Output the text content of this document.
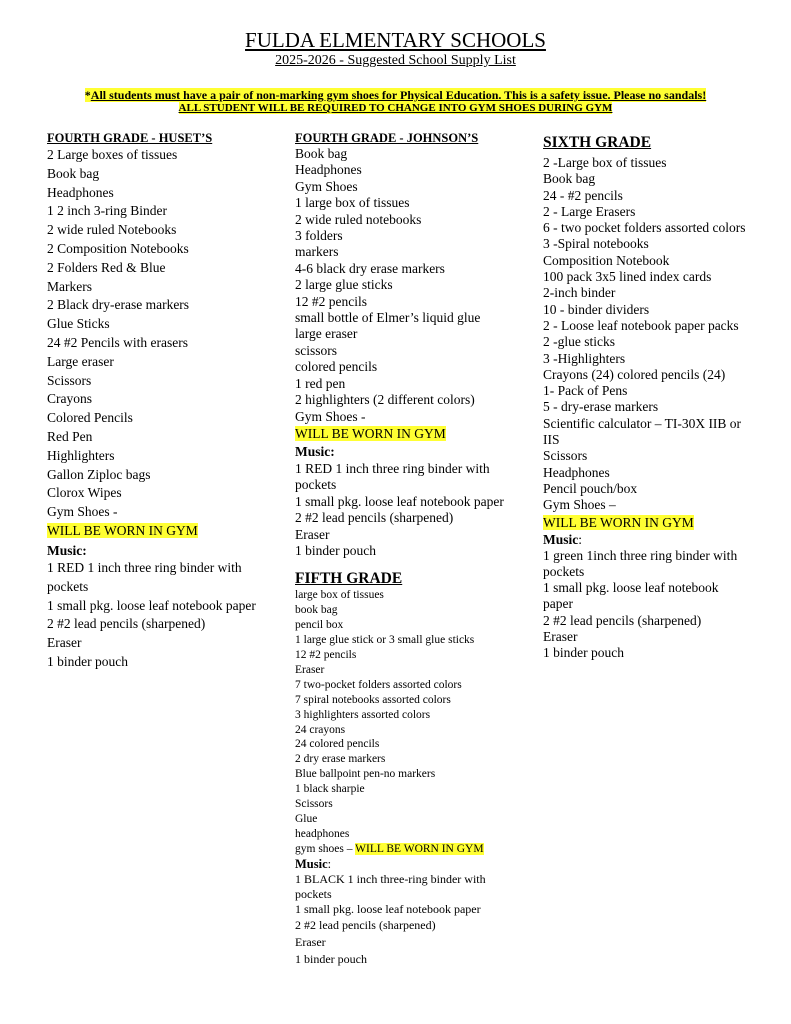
FULDA ELMENTARY SCHOOLS
2025-2026 - Suggested School Supply List
*All students must have a pair of non-marking gym shoes for Physical Education. This is a safety issue. Please no sandals!
ALL STUDENT WILL BE REQUIRED TO CHANGE INTO GYM SHOES DURING GYM
FOURTH GRADE - HUSET’S
2 Large boxes of tissues
Book bag
Headphones
1 2 inch 3-ring Binder
2 wide ruled Notebooks
2 Composition Notebooks
2 Folders Red & Blue
Markers
2 Black dry-erase markers
Glue Sticks
24 #2 Pencils with erasers
Large eraser
Scissors
Crayons
Colored Pencils
Red Pen
Highlighters
Gallon Ziploc bags
Clorox Wipes
Gym Shoes -
WILL BE WORN IN GYM
Music:
1 RED 1 inch three ring binder with pockets
1 small pkg. loose leaf notebook paper
2 #2 lead pencils (sharpened)
Eraser
1 binder pouch
FOURTH GRADE - JOHNSON’S
Book bag
Headphones
Gym Shoes
1 large box of tissues
2 wide ruled notebooks
3 folders
markers
4-6 black dry erase markers
2 large glue sticks
12 #2 pencils
small bottle of Elmer’s liquid glue
large eraser
scissors
colored pencils
1 red pen
2 highlighters (2 different colors)
Gym Shoes -
WILL BE WORN IN GYM
Music:
1 RED 1 inch three ring binder with pockets
1 small pkg. loose leaf notebook paper
2 #2 lead pencils (sharpened)
Eraser
1 binder pouch
FIFTH GRADE
large box of tissues
book bag
pencil box
1 large glue stick or 3 small glue sticks
12 #2 pencils
Eraser
7 two-pocket folders assorted colors
7 spiral notebooks assorted colors
3 highlighters assorted colors
24 crayons
24 colored pencils
2 dry erase markers
Blue ballpoint pen-no markers
1 black sharpie
Scissors
Glue
headphones
gym shoes – WILL BE WORN IN GYM
Music:
1 BLACK 1 inch three-ring binder with pockets
1 small pkg. loose leaf notebook paper
2 #2 lead pencils (sharpened)
Eraser
1 binder pouch
SIXTH GRADE
2 -Large box of tissues
Book bag
24 - #2 pencils
2 - Large Erasers
6 - two pocket folders assorted colors
3 -Spiral notebooks
Composition Notebook
100 pack 3x5 lined index cards
2-inch binder
10 - binder dividers
2 - Loose leaf notebook paper packs
2 -glue sticks
3 -Highlighters
Crayons (24) colored pencils (24)
1- Pack of Pens
5 - dry-erase markers
Scientific calculator – TI-30X IIB or IIS
Scissors
Headphones
Pencil pouch/box
Gym Shoes –
WILL BE WORN IN GYM
Music:
1 green 1inch three ring binder with pockets
1 small pkg. loose leaf notebook paper
2 #2 lead pencils (sharpened)
Eraser
1 binder pouch
